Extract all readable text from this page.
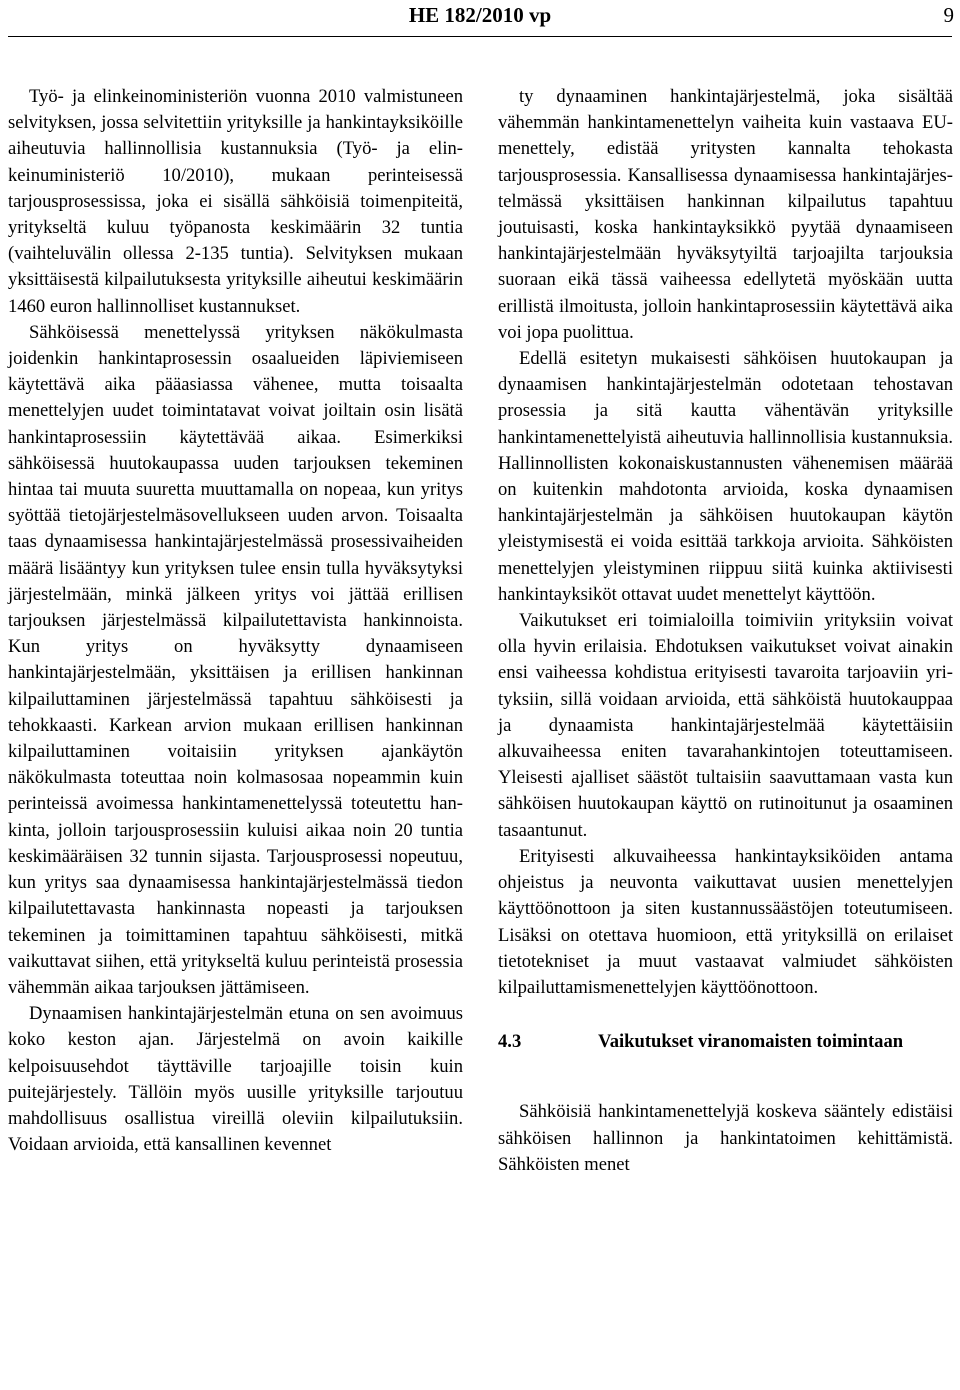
HE 182/2010 vp	9

Työ- ja elinkeinoministeriön vuonna 2010 valmistuneen selvityksen, jossa selvitettiin yrityksille ja hankintayksiköille aiheutuvia hallinnollisia kustannuksia (Työ- ja elinkeinuministeriö 10/2010), mukaan perinteisessä tarjousprosessissa, joka ei sisällä sähköisiä toimenpiteitä, yritykseltä kuluu työpanosta keskimäärin 32 tuntia (vaihteluvälin ollessa 2-135 tuntia). Selvityksen mukaan yksittäisestä kilpailutuksesta yrityksille aiheutui keskimäärin 1460 euron hallinnolliset kustannukset.

Sähköisessä menettelyssä yrityksen näkökulmasta joidenkin hankintaprosessin osaalueiden läpiviemiseen käytettävä aika pääasiassa vähenee, mutta toisaalta menettelyjen uudet toimintatavat voivat joiltain osin lisätä hankintaprosessiin käytettävää aikaa. Esimerkiksi sähköisessä huutokaupassa uuden tarjouksen tekeminen hintaa tai muuta suuretta muuttamalla on nopeaa, kun yritys syöttää tietojärjestelmäsovellukseen uuden arvon. Toisaalta taas dynaamisessa hankintajärjestelmässä prosessivaiheiden määrä lisääntyy kun yrityksen tulee ensin tulla hyväksytyksi järjestelmään, minkä jälkeen yritys voi jättää erillisen tarjouksen järjestelmässä kilpailutettavista hankinnoista. Kun yritys on hyväksytty dynaamiseen hankintajärjestelmään, yksittäisen ja erillisen hankinnan kilpailuttaminen järjestelmässä tapahtuu sähköisesti ja tehokkaasti. Karkean arvion mukaan erillisen hankinnan kilpailuttaminen voitaisiin yrityksen ajankäytön näkökulmasta toteuttaa noin kolmasosaa nopeammin kuin perinteissä avoimessa hankintamenettelyssä toteutettu hankinta, jolloin tarjousprosessiin kuluisi aikaa noin 20 tuntia keskimääräisen 32 tunnin sijasta. Tarjousprosessi nopeutuu, kun yritys saa dynaamisessa hankintajärjestelmässä tiedon kilpailutettavasta hankinnasta nopeasti ja tarjouksen tekeminen ja toimittaminen tapahtuu sähköisesti, mitkä vaikuttavat siihen, että yritykseltä kuluu perinteistä prosessia vähemmän aikaa tarjouksen jättämiseen.

Dynaamisen hankintajärjestelmän etuna on sen avoimuus koko keston ajan. Järjestelmä on avoin kaikille kelpoisuusehdot täyttäville tarjoajille toisin kuin puitejärjestely. Tällöin myös uusille yrityksille tarjoutuu mahdollisuus osallistua vireillä oleviin kilpailutuksiin. Voidaan arvioida, että kansallinen kevennet

ty dynaaminen hankintajärjestelmä, joka sisältää vähemmän hankintamenettelyn vaiheita kuin vastaava EU-menettely, edistää yritysten kannalta tehokasta tarjousprosessia. Kansallisessa dynaamisessa hankintajärjestelmässä yksittäisen hankinnan kilpailutus tapahtuu joutuisasti, koska hankintayksikkö pyytää dynaamiseen hankintajärjestelmään hyväksytyiltä tarjoajilta tarjouksia suoraan eikä tässä vaiheessa edellytetä myöskään uutta erillistä ilmoitusta, jolloin hankintaprosessiin käytettävä aika voi jopa puolittua.

Edellä esitetyn mukaisesti sähköisen huutokaupan ja dynaamisen hankintajärjestelmän odotetaan tehostavan prosessia ja sitä kautta vähentävän yrityksille hankintamenettelyistä aiheutuvia hallinnollisia kustannuksia. Hallinnollisten kokonaiskustannusten vähenemisen määrää on kuitenkin mahdotonta arvioida, koska dynaamisen hankintajärjestelmän ja sähköisen huutokaupan käytön yleistymisestä ei voida esittää tarkkoja arvioita. Sähköisten menettelyjen yleistyminen riippuu siitä kuinka aktiivisesti hankintayksiköt ottavat uudet menettelyt käyttöön.

Vaikutukset eri toimialoilla toimiviin yrityksiin voivat olla hyvin erilaisia. Ehdotuksen vaikutukset voivat ainakin ensi vaiheessa kohdistua erityisesti tavaroita tarjoaviin yrityksiin, sillä voidaan arvioida, että sähköistä huutokauppaa ja dynaamista hankintajärjestelmää käytettäisiin alkuvaiheessa eniten tavarahankintojen toteuttamiseen. Yleisesti ajalliset säästöt tultaisiin saavuttamaan vasta kun sähköisen huutokaupan käyttö on rutinoitunut ja osaaminen tasaantunut.

Erityisesti alkuvaiheessa hankintayksiköiden antama ohjeistus ja neuvonta vaikuttavat uusien menettelyjen käyttöönottoon ja siten kustannussäästöjen toteutumiseen. Lisäksi on otettava huomioon, että yrityksillä on erilaiset tietotekniset ja muut vastaavat valmiudet sähköisten kilpailuttamismenettelyjen käyttöönottoon.

4.3	Vaikutukset viranomaisten toimintaan

Sähköisiä hankintamenettelyjä koskeva sääntely edistäisi sähköisen hallinnon ja hankintatoimen kehittämistä. Sähköisten menet
